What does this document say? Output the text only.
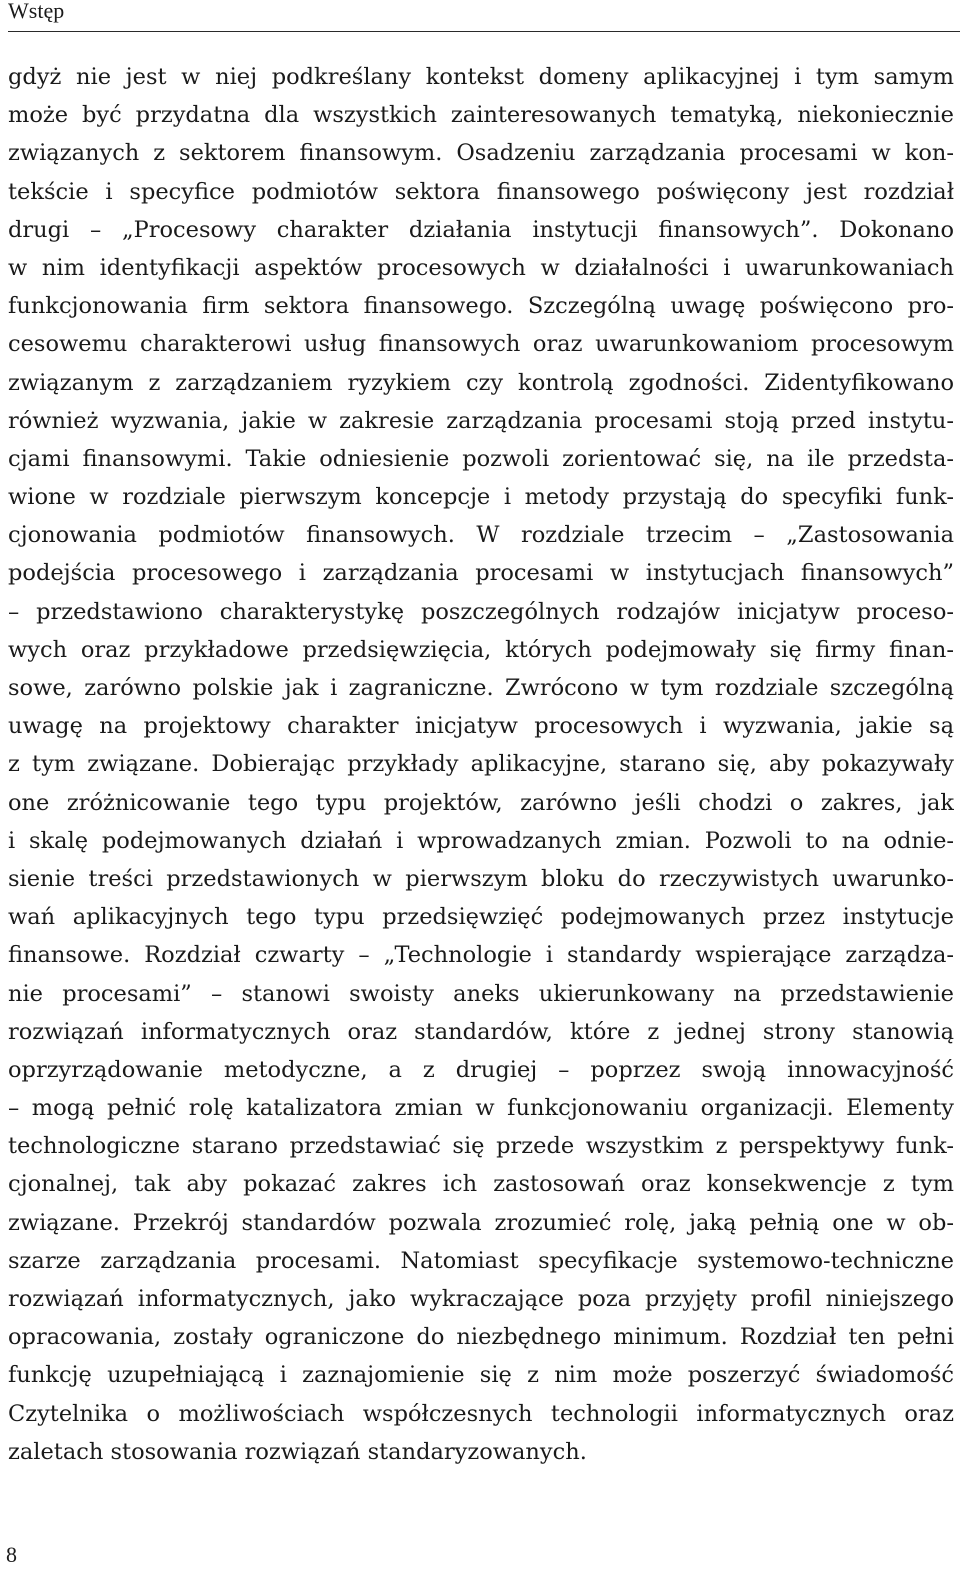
Wstęp
gdyż nie jest w niej podkreślany kontekst domeny aplikacyjnej i tym samym
może być przydatna dla wszystkich zainteresowanych tematyką, niekoniecznie
związanych z sektorem finansowym. Osadzeniu zarządzania procesami w kon-
tekście i specyfice podmiotów sektora finansowego poświęcony jest rozdział
drugi – „Procesowy charakter działania instytucji finansowych”. Dokonano
w nim identyfikacji aspektów procesowych w działalności i uwarunkowaniach
funkcjonowania firm sektora finansowego. Szczególną uwagę poświęcono pro-
cesowemu charakterowi usług finansowych oraz uwarunkowaniom procesowym
związanym z zarządzaniem ryzykiem czy kontrolą zgodności. Zidentyfikowano
również wyzwania, jakie w zakresie zarządzania procesami stoją przed instytu-
cjami finansowymi. Takie odniesienie pozwoli zorientować się, na ile przedsta-
wione w rozdziale pierwszym koncepcje i metody przystają do specyfiki funk-
cjonowania podmiotów finansowych. W rozdziale trzecim – „Zastosowania
podejścia procesowego i zarządzania procesami w instytucjach finansowych”
– przedstawiono charakterystykę poszczególnych rodzajów inicjatyw proceso-
wych oraz przykładowe przedsięwzięcia, których podejmowały się firmy finan-
sowe, zarówno polskie jak i zagraniczne. Zwrócono w tym rozdziale szczególną
uwagę na projektowy charakter inicjatyw procesowych i wyzwania, jakie są
z tym związane. Dobierając przykłady aplikacyjne, starano się, aby pokazywały
one zróżnicowanie tego typu projektów, zarówno jeśli chodzi o zakres, jak
i skalę podejmowanych działań i wprowadzanych zmian. Pozwoli to na odnie-
sienie treści przedstawionych w pierwszym bloku do rzeczywistych uwarunko-
wań aplikacyjnych tego typu przedsięwzięć podejmowanych przez instytucje
finansowe. Rozdział czwarty – „Technologie i standardy wspierające zarządza-
nie procesami” – stanowi swoisty aneks ukierunkowany na przedstawienie
rozwiązań informatycznych oraz standardów, które z jednej strony stanowią
oprzyrządowanie metodyczne, a z drugiej – poprzez swoją innowacyjność
– mogą pełnić rolę katalizatora zmian w funkcjonowaniu organizacji. Elementy
technologiczne starano przedstawiać się przede wszystkim z perspektywy funk-
cjonalnej, tak aby pokazać zakres ich zastosowań oraz konsekwencje z tym
związane. Przekrój standardów pozwala zrozumieć rolę, jaką pełnią one w ob-
szarze zarządzania procesami. Natomiast specyfikacje systemowo-techniczne
rozwiązań informatycznych, jako wykraczające poza przyjęty profil niniejszego
opracowania, zostały ograniczone do niezbędnego minimum. Rozdział ten pełni
funkcję uzupełniającą i zaznajomienie się z nim może poszerzyć świadomość
Czytelnika o możliwościach współczesnych technologii informatycznych oraz
zaletach stosowania rozwiązań standaryzowanych.
8
